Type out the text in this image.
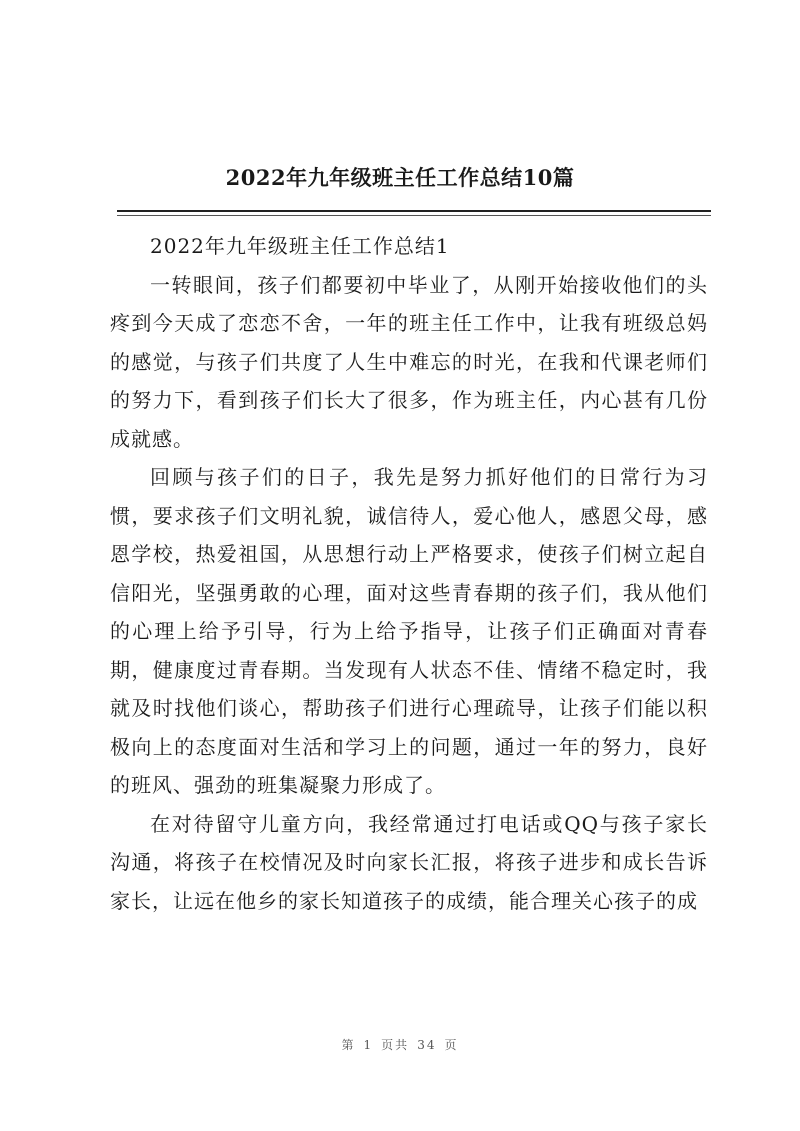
2022年九年级班主任工作总结10篇

2022年九年级班主任工作总结1

一转眼间，孩子们都要初中毕业了，从刚开始接收他们的头疼到今天成了恋恋不舍，一年的班主任工作中，让我有班级总妈的感觉，与孩子们共度了人生中难忘的时光，在我和代课老师们的努力下，看到孩子们长大了很多，作为班主任，内心甚有几份成就感。

回顾与孩子们的日子，我先是努力抓好他们的日常行为习惯，要求孩子们文明礼貌，诚信待人，爱心他人，感恩父母，感恩学校，热爱祖国，从思想行动上严格要求，使孩子们树立起自信阳光，坚强勇敢的心理，面对这些青春期的孩子们，我从他们的心理上给予引导，行为上给予指导，让孩子们正确面对青春期，健康度过青春期。当发现有人状态不佳、情绪不稳定时，我就及时找他们谈心，帮助孩子们进行心理疏导，让孩子们能以积极向上的态度面对生活和学习上的问题，通过一年的努力，良好的班风、强劲的班集凝聚力形成了。

在对待留守儿童方向，我经常通过打电话或QQ与孩子家长沟通，将孩子在校情况及时向家长汇报，将孩子进步和成长告诉家长，让远在他乡的家长知道孩子的成绩，能合理关心孩子的成

第 1 页共 34 页
